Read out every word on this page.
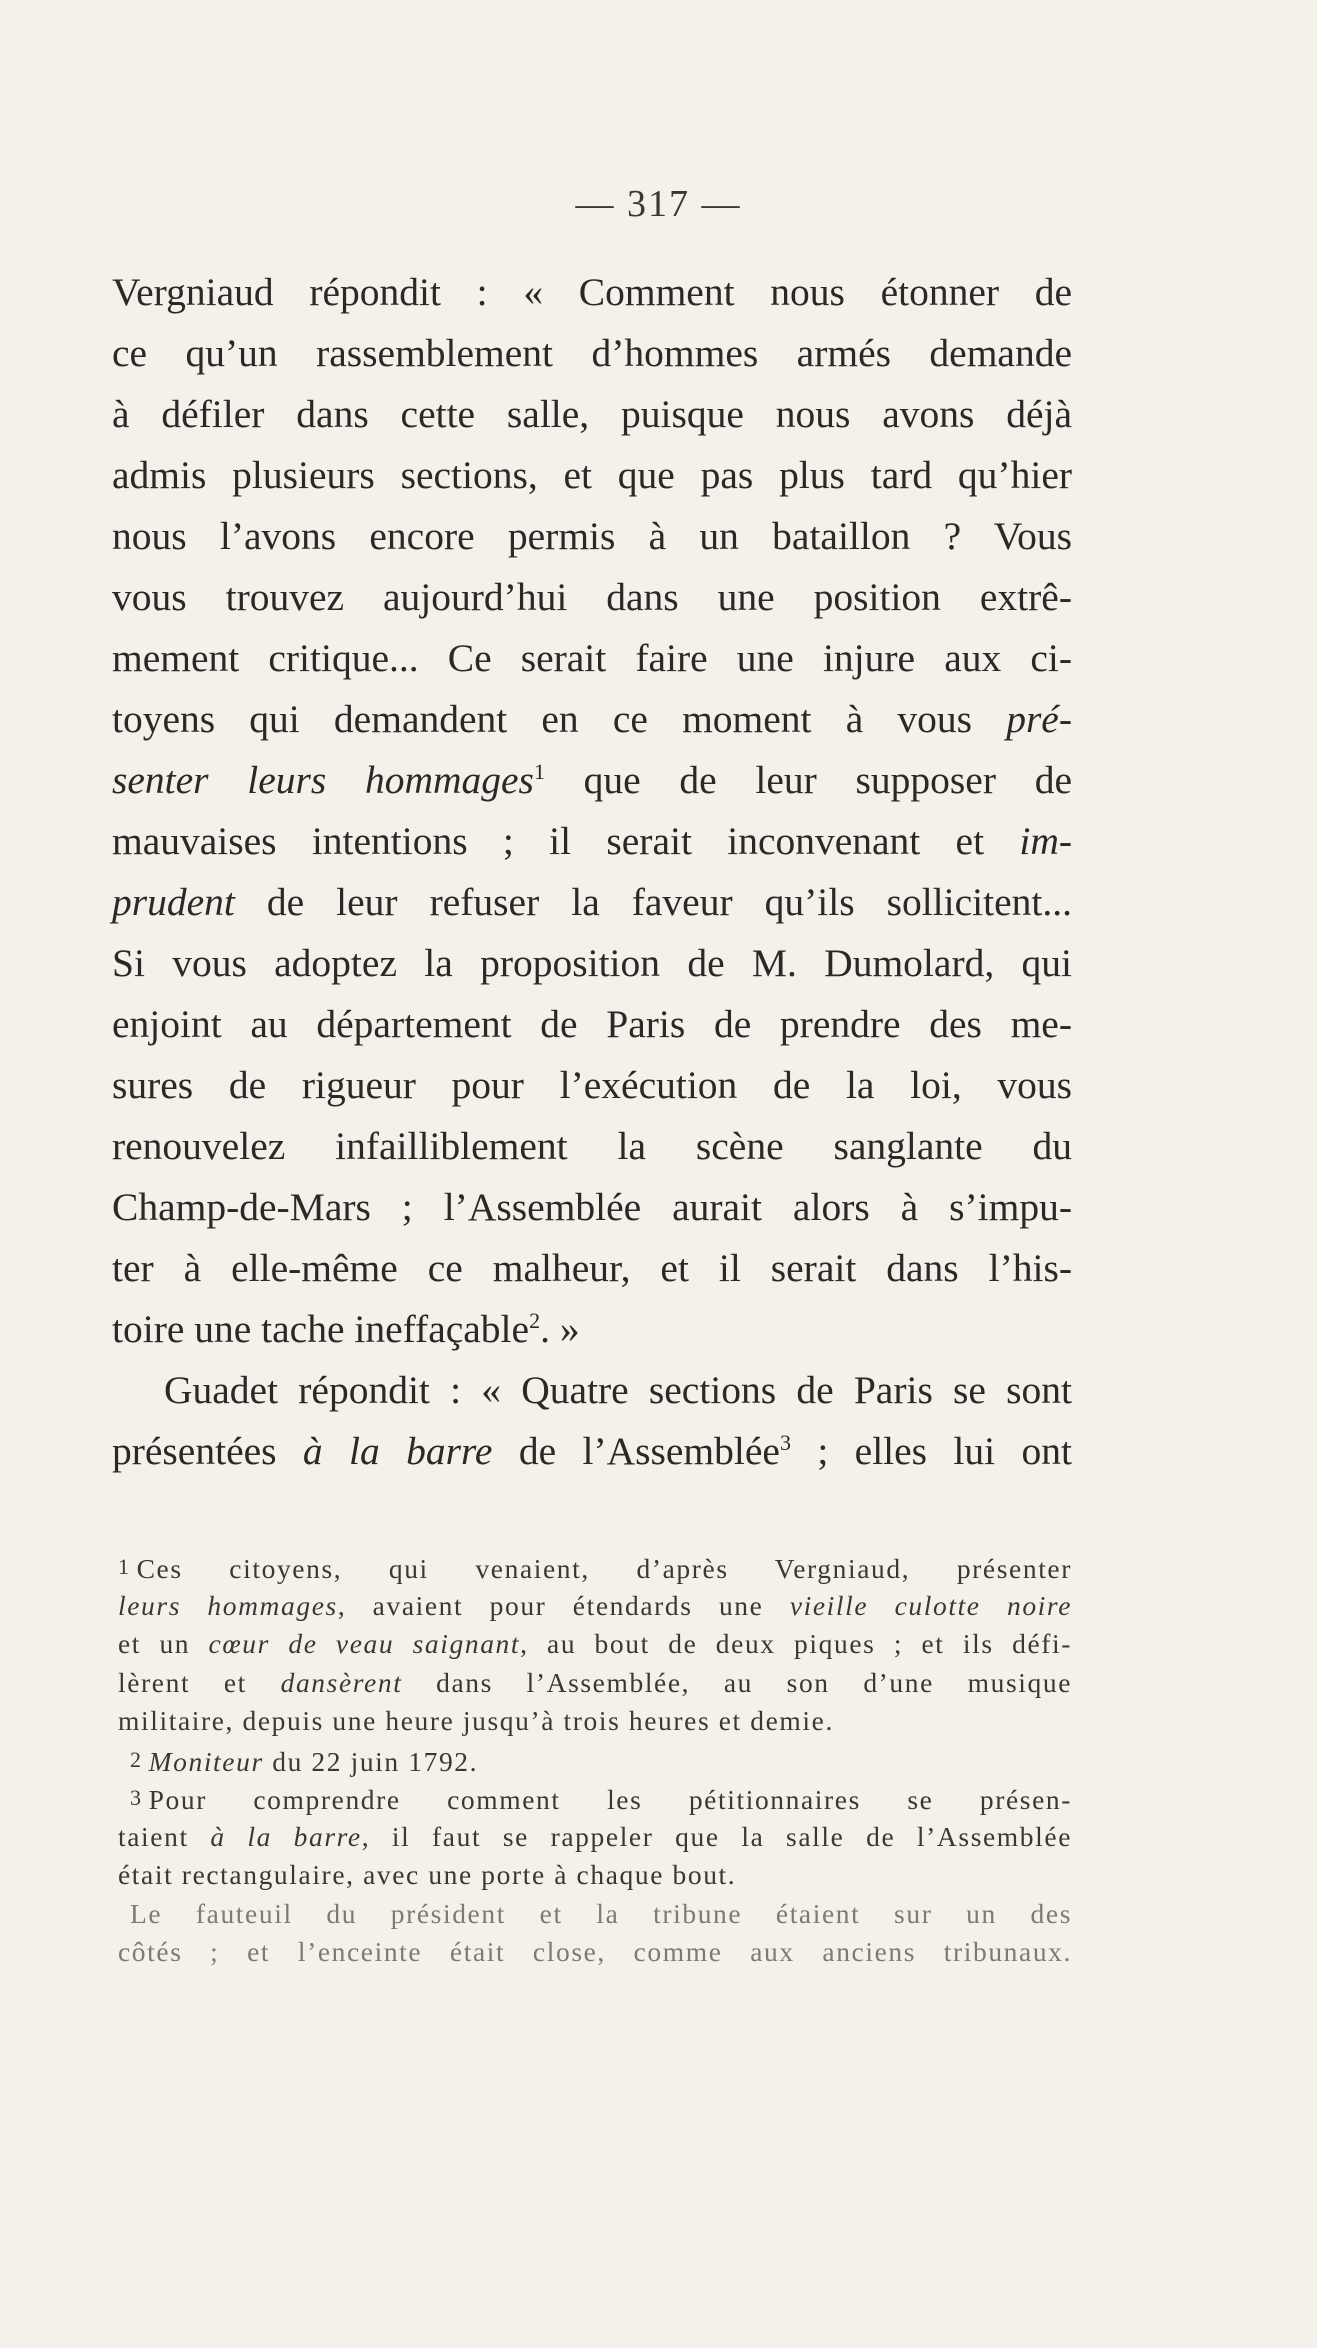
— 317 —
Vergniaud répondit : « Comment nous étonner de
ce qu’un rassemblement d’hommes armés demande
à défiler dans cette salle, puisque nous avons déjà
admis plusieurs sections, et que pas plus tard qu’hier
nous l’avons encore permis à un bataillon ? Vous
vous trouvez aujourd’hui dans une position extrê-
mement critique... Ce serait faire une injure aux ci-
toyens qui demandent en ce moment à vous pré-
senter leurs hommages$^1$ que de leur supposer de
mauvaises intentions ; il serait inconvenant et im-
prudent de leur refuser la faveur qu’ils sollicitent...
Si vous adoptez la proposition de M. Dumolard, qui
enjoint au département de Paris de prendre des me-
sures de rigueur pour l’exécution de la loi, vous
renouvelez infailliblement la scène sanglante du
Champ-de-Mars ; l’Assemblée aurait alors à s’impu-
ter à elle-même ce malheur, et il serait dans l’his-
toire une tache ineffaçable$^2$. »
Guadet répondit : « Quatre sections de Paris se sont
présentées à la barre de l’Assemblée$^3$ ; elles lui ont
1 Ces citoyens, qui venaient, d’après Vergniaud, présenter
leurs hommages, avaient pour étendards une vieille culotte noire
et un cœur de veau saignant, au bout de deux piques ; et ils défi-
lèrent et dansèrent dans l’Assemblée, au son d’une musique
militaire, depuis une heure jusqu’à trois heures et demie.
2 Moniteur du 22 juin 1792.
3 Pour comprendre comment les pétitionnaires se présen-
taient à la barre, il faut se rappeler que la salle de l’Assemblée
était rectangulaire, avec une porte à chaque bout.
Le fauteuil du président et la tribune étaient sur un des
côtés ; et l’enceinte était close, comme aux anciens tribunaux.
